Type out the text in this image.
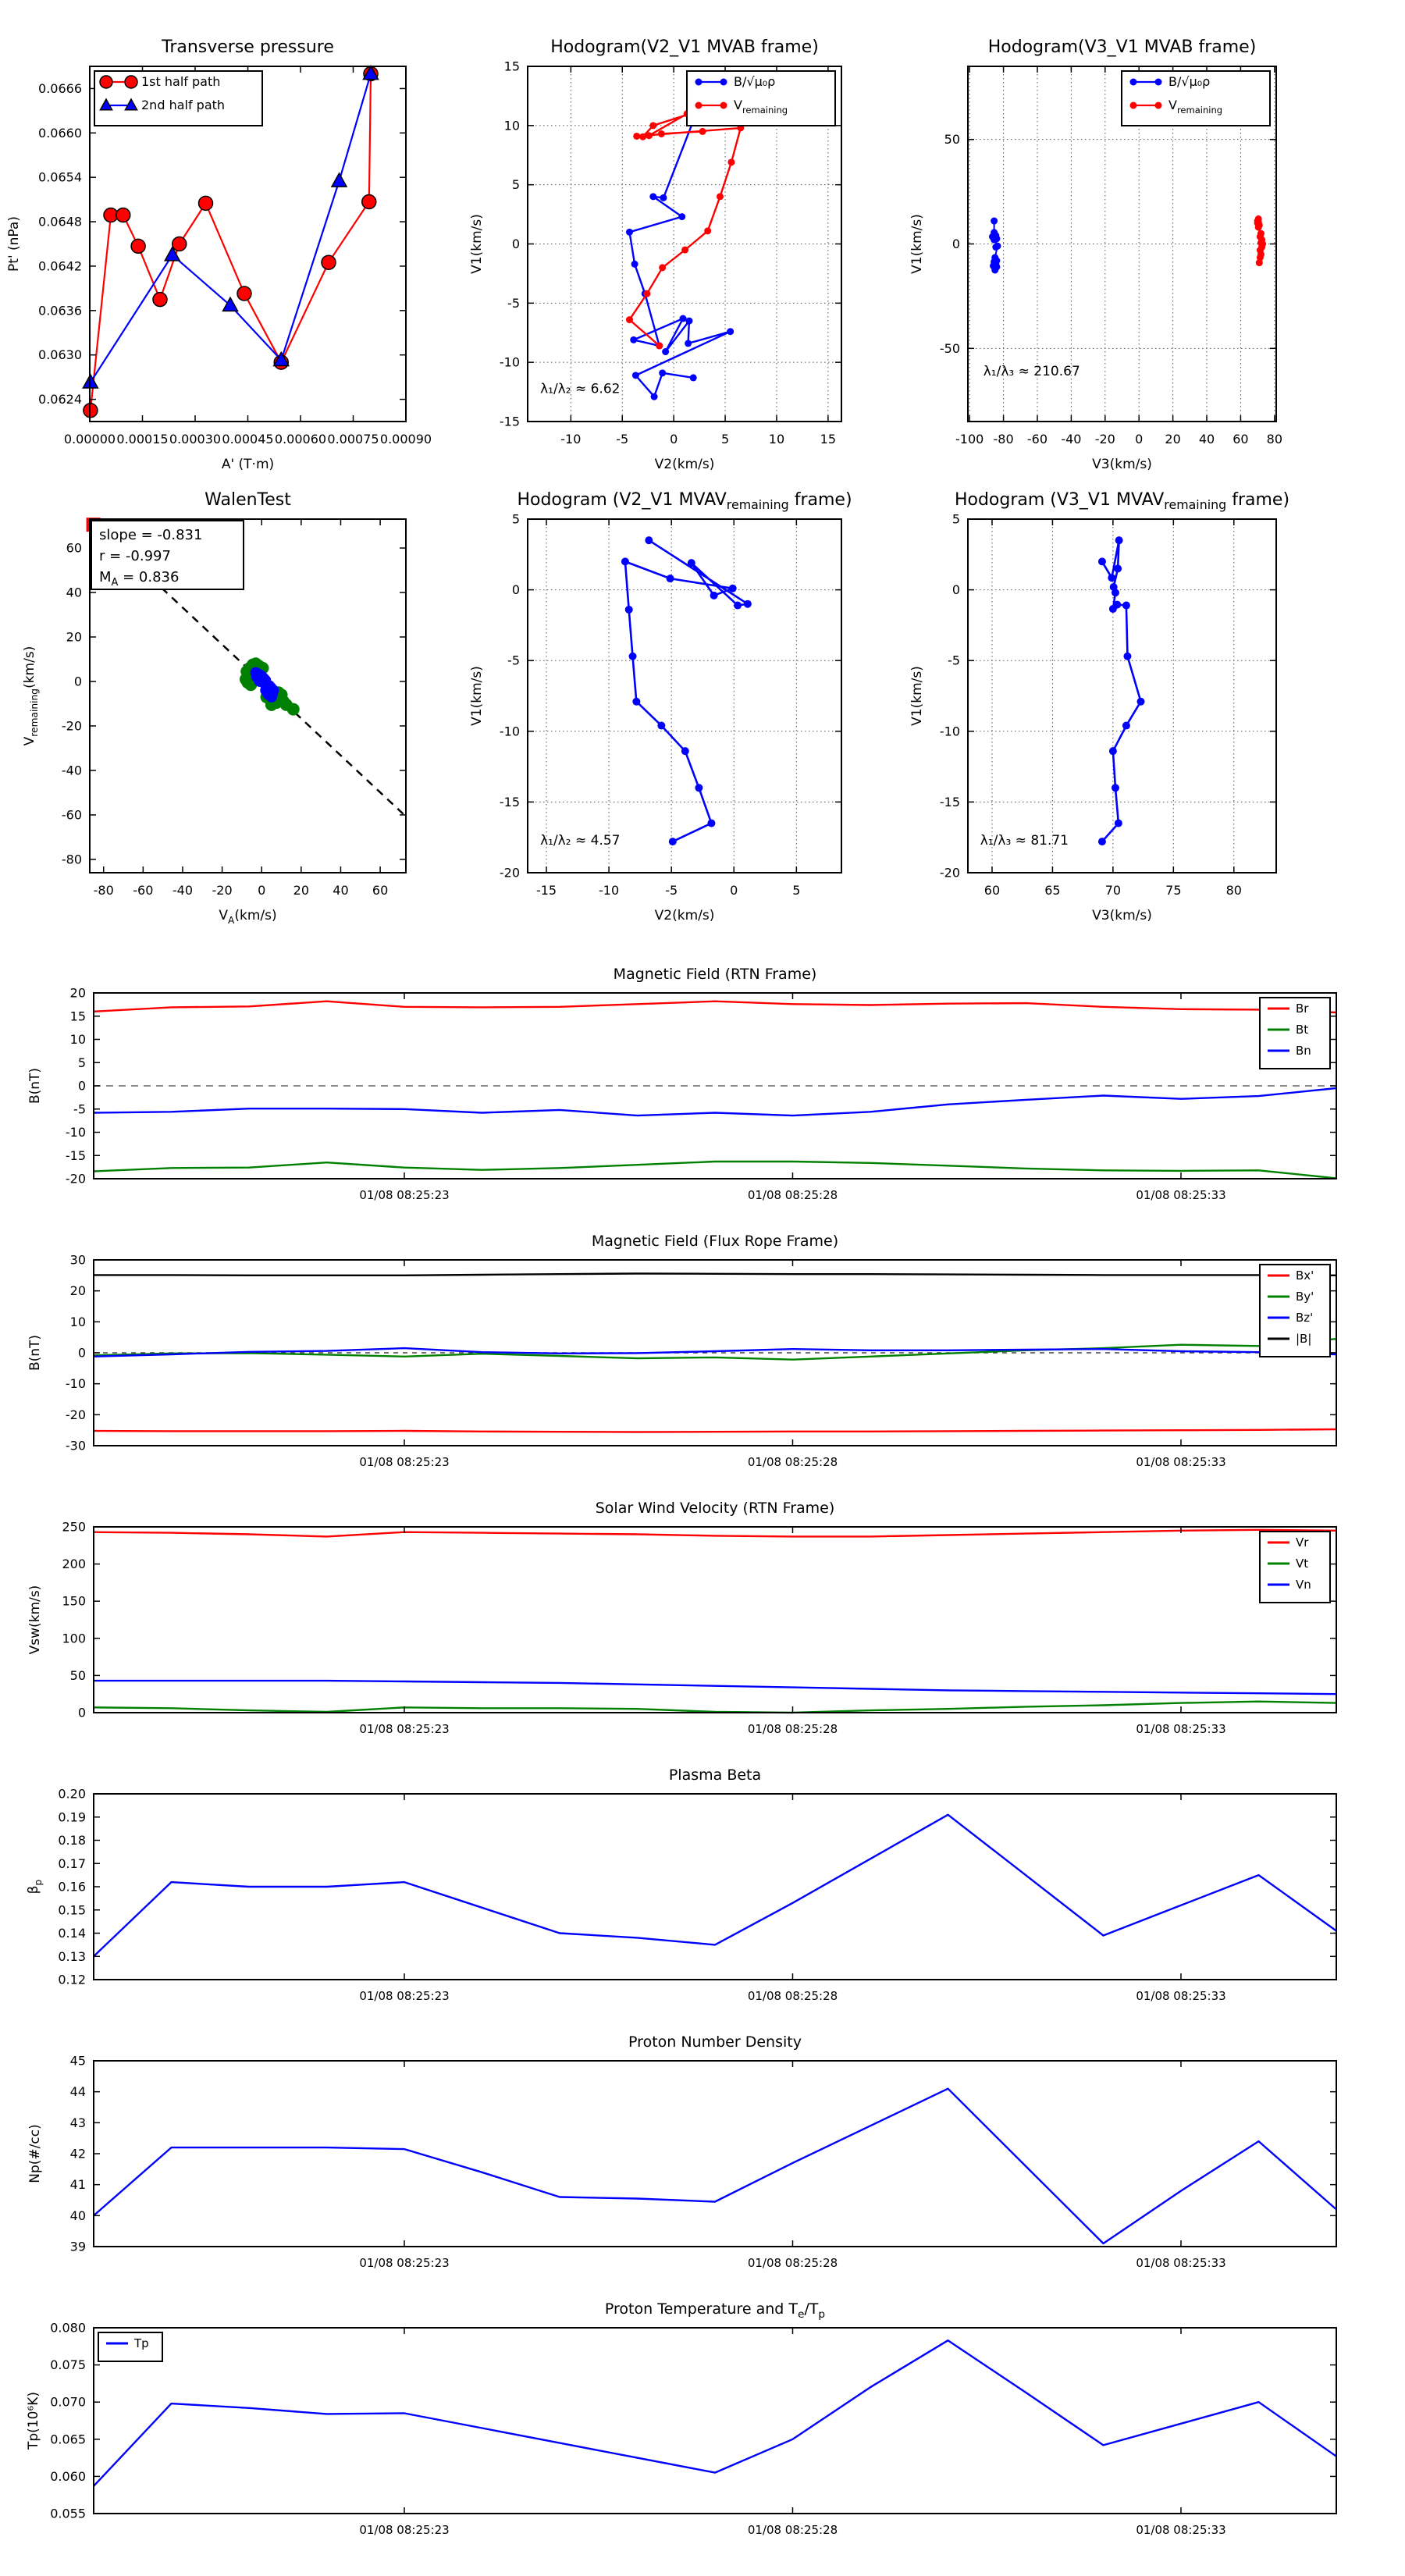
0.00000 0.00015 0.00030 0.00045 0.00060 0.00075 0.00090
0.0624
0.0630
0.0636
0.0642
0.0648
0.0654
0.0660
0.0666
Transverse pressure
A' (T·m)
Pt' (nPa)
1st half path
2nd half path
-10	-5	0	5	10	15
-15
-10
-5
0
5
10
15
Hodogram(V2_V1 MVAB frame)
V2(km/s)
V1(km/s)
λ₁/λ₂ ≈ 6.62
B/√μ₀ρ
$V_{remaining}$
-100 -80 -60 -40 -20 0 20 40 60 80
-50
0
50
Hodogram(V3_V1 MVAB frame)
V3(km/s)
V1(km/s)
λ₁/λ₃ ≈ 210.67
B/√μ₀ρ
$V_{remaining}$
-80 -60 -40 -20 0 20 40 60
-80
-60
-40
-20
0
20
40
60
WalenTest
$V_A(km/s)$
$V_{remaining}(km/s)$
slope = -0.831
r = -0.997
$M_A = 0.836$
-15	-10	-5	0	5
-20
-15
-10
-5
0
5
Hodogram (V2_V1 $MVAV_{remaining}$ frame)
V2(km/s)
V1(km/s)
λ₁/λ₂ ≈ 4.57
60	65	70	75	80
-20
-15
-10
-5
0
5
Hodogram (V3_V1 $MVAV_{remaining}$ frame)
V3(km/s)
V1(km/s)
λ₁/λ₃ ≈ 81.71
01/08 08:25:23	01/08 08:25:28	01/08 08:25:33
-20
-15
-10
-5
0
5
10
15
20
Magnetic Field (RTN Frame)
B(nT)
Br
Bt
Bn
01/08 08:25:23	01/08 08:25:28	01/08 08:25:33
-30
-20
-10
0
10
20
30
Magnetic Field (Flux Rope Frame)
B(nT)
Bx'
By'
Bz'
|B|
01/08 08:25:23	01/08 08:25:28	01/08 08:25:33
0
50
100
150
200
250
Solar Wind Velocity (RTN Frame)
Vsw(km/s)
Vr
Vt
Vn
01/08 08:25:23	01/08 08:25:28	01/08 08:25:33
0.12
0.13
0.14
0.15
0.16
0.17
0.18
0.19
0.20
Plasma Beta
$\beta_p$
01/08 08:25:23	01/08 08:25:28	01/08 08:25:33
39
40
41
42
43
44
45
Proton Number Density
Np(#/cc)
01/08 08:25:23	01/08 08:25:28	01/08 08:25:33
0.055
0.060
0.065
0.070
0.075
0.080
Proton Temperature and $T_e/T_p$
Tp(10⁶K)
Tp
